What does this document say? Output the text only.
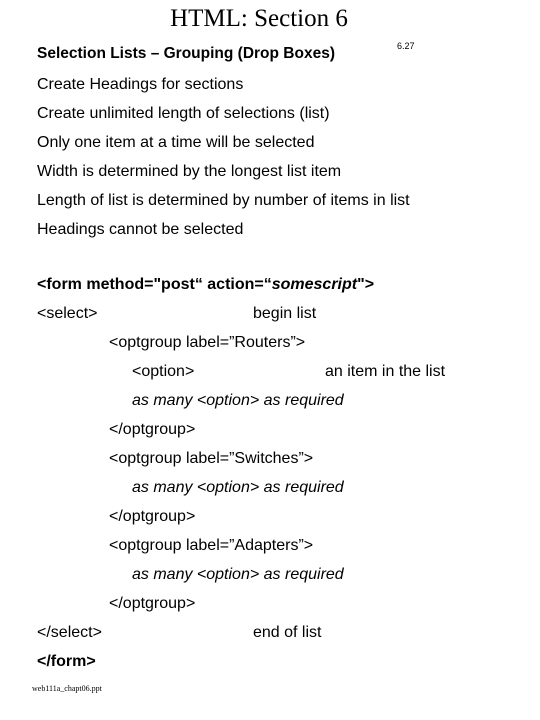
HTML: Section 6
Selection Lists – Grouping (Drop Boxes)	6.27
Create Headings for sections
Create unlimited length of selections (list)
Only one item at a time will be selected
Width is determined by the longest list item
Length of list is determined by number of items in list
Headings cannot be selected
<form method="post“ action=“somescript">
<select>	begin list
<optgroup label=”Routers”>
<option>	an item in the list
as many <option> as required
</optgroup>
<optgroup label=”Switches”>
as many <option> as required
</optgroup>
<optgroup label=”Adapters”>
as many <option> as required
</optgroup>
</select>	end of list
</form>
web111a_chapt06.ppt
